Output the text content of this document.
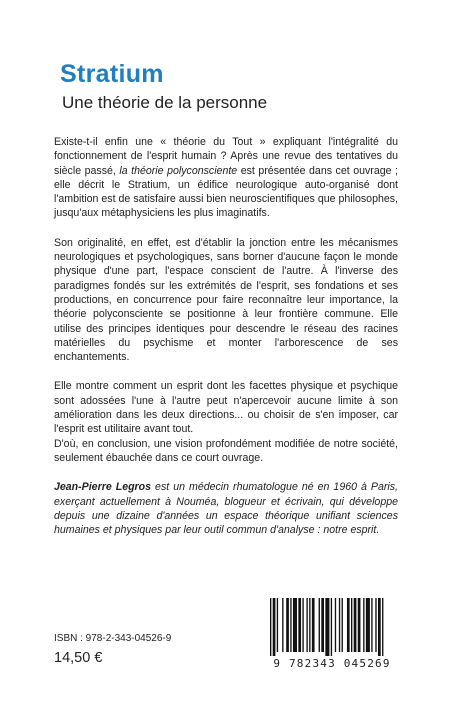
Stratium
Une théorie de la personne

Existe-t-il enfin une « théorie du Tout » expliquant l'intégralité du fonctionnement de l'esprit humain ? Après une revue des tentatives du siècle passé, la théorie polyconsciente est présentée dans cet ouvrage ; elle décrit le Stratium, un édifice neurologique auto-organisé dont l'ambition est de satisfaire aussi bien neuroscientifiques que philosophes, jusqu'aux métaphysiciens les plus imaginatifs.

Son originalité, en effet, est d'établir la jonction entre les mécanismes neurologiques et psychologiques, sans borner d'aucune façon le monde physique d'une part, l'espace conscient de l'autre. À l'inverse des paradigmes fondés sur les extrémités de l'esprit, ses fondations et ses productions, en concurrence pour faire reconnaître leur importance, la théorie polyconsciente se positionne à leur frontière commune. Elle utilise des principes identiques pour descendre le réseau des racines matérielles du psychisme et monter l'arborescence de ses enchantements.

Elle montre comment un esprit dont les facettes physique et psychique sont adossées l'une à l'autre peut n'apercevoir aucune limite à son amélioration dans les deux directions... ou choisir de s'en imposer, car l'esprit est utilitaire avant tout.

D'où, en conclusion, une vision profondément modifiée de notre société, seulement ébauchée dans ce court ouvrage.

Jean-Pierre Legros est un médecin rhumatologue né en 1960 à Paris, exerçant actuellement à Nouméa, blogueur et écrivain, qui développe depuis une dizaine d'années un espace théorique unifiant sciences humaines et physiques par leur outil commun d'analyse : notre esprit.

ISBN : 978-2-343-04526-9
14,50 €	9 782343 045269
